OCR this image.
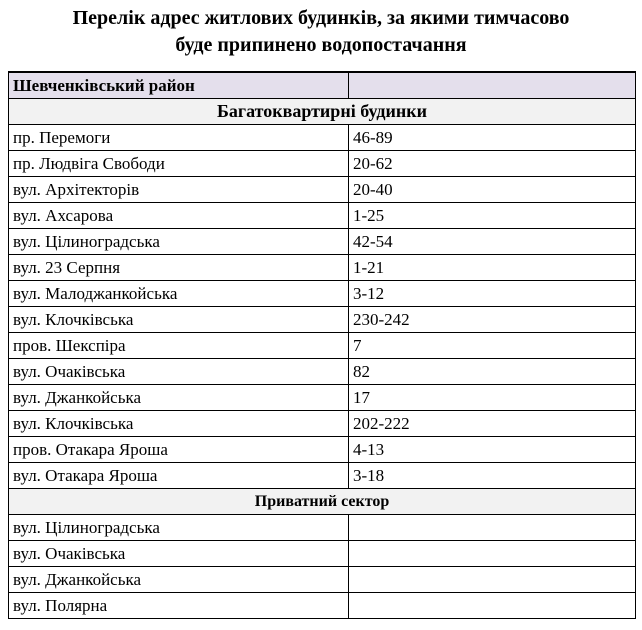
Перелік адрес житлових будинків, за якими тимчасово
буде припинено водопостачання
Шевченківський район	
Багатоквартирні будинки	
пр. Перемоги	46-89
пр. Людвіга Свободи	20-62
вул. Архітекторів	20-40
вул. Ахсарова	1-25
вул. Цілиноградська	42-54
вул. 23 Серпня	1-21
вул. Малоджанкойська	3-12
вул. Клочківська	230-242
пров. Шекспіра	7
вул. Очаківська	82
вул. Джанкойська	17
вул. Клочківська	202-222
пров. Отакара Яроша	4-13
вул. Отакара Яроша	3-18
Приватний сектор	
вул. Цілиноградська	
вул. Очаківська	
вул. Джанкойська	
вул. Полярна	
